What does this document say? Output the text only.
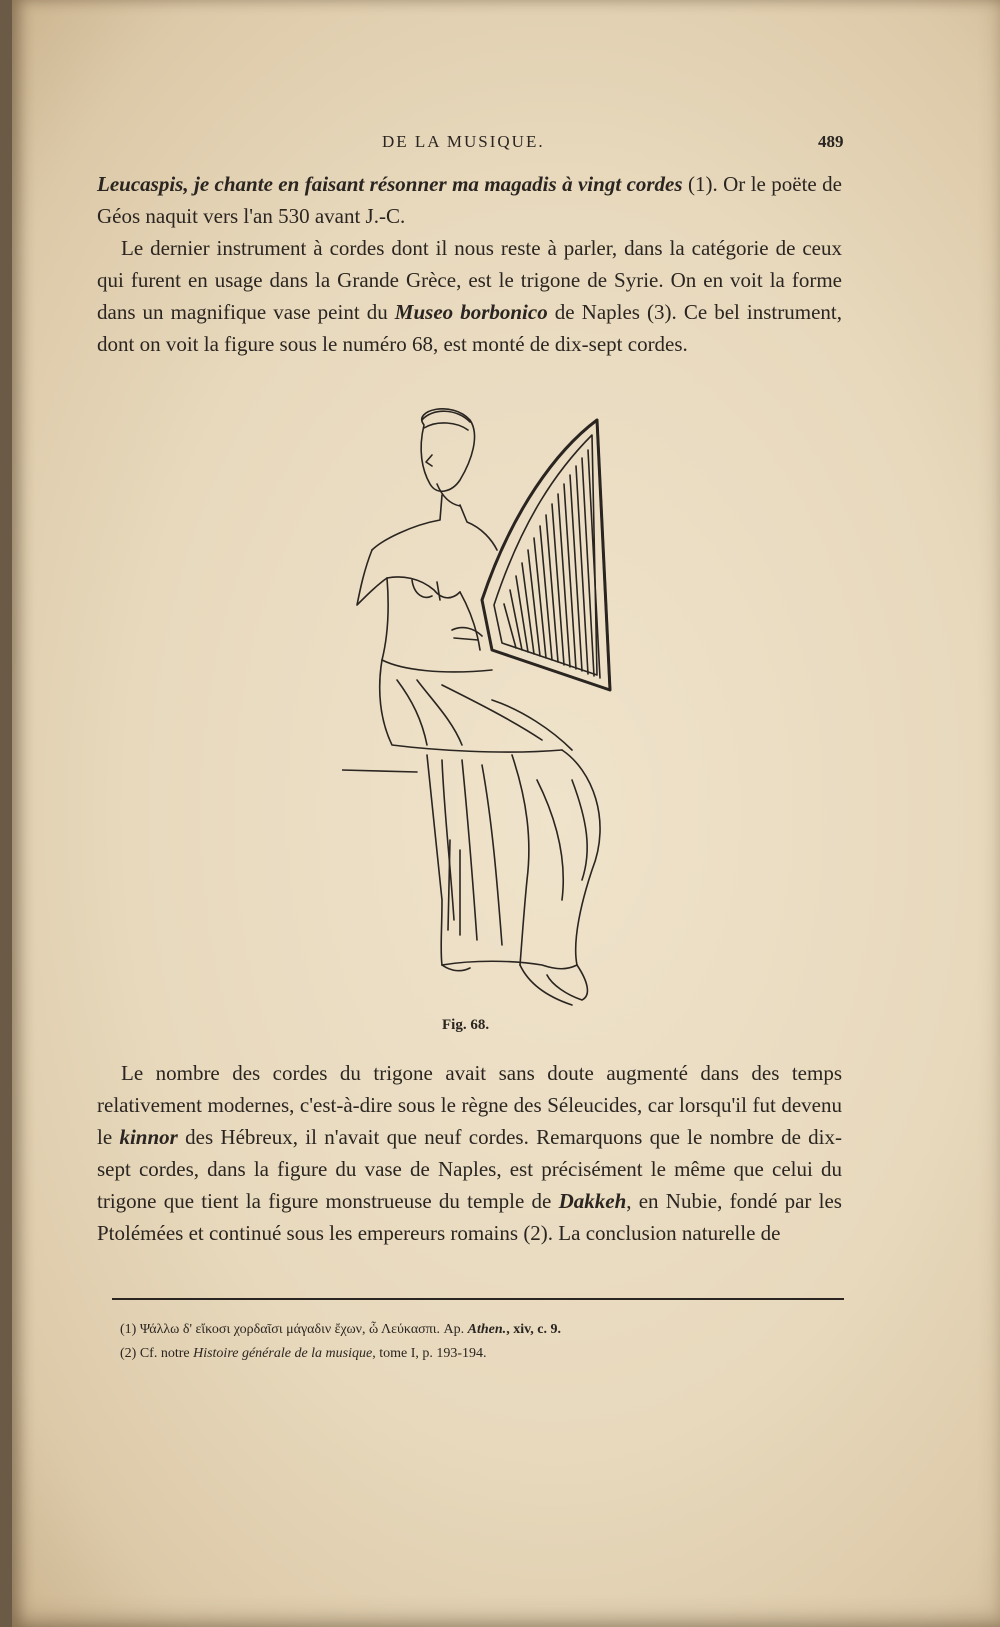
DE LA MUSIQUE.	489

Leucaspis, je chante en faisant résonner ma magadis à vingt cordes (1). Or le poëte de Géos naquit vers l'an 530 avant J.-C.

Le dernier instrument à cordes dont il nous reste à parler, dans la catégorie de ceux qui furent en usage dans la Grande Grèce, est le trigone de Syrie. On en voit la forme dans un magnifique vase peint du Museo borbonico de Naples (3). Ce bel instrument, dont on voit la figure sous le numéro 68, est monté de dix-sept cordes.

Fig. 68.

Le nombre des cordes du trigone avait sans doute augmenté dans des temps relativement modernes, c'est-à-dire sous le règne des Séleucides, car lorsqu'il fut devenu le kinnor des Hébreux, il n'avait que neuf cordes. Remarquons que le nombre de dix-sept cordes, dans la figure du vase de Naples, est précisément le même que celui du trigone que tient la figure monstrueuse du temple de Dakkeh, en Nubie, fondé par les Ptolémées et continué sous les empereurs romains (2). La conclusion naturelle de

(1) Ψάλλω δ' εἴκοσι χορδαῖσι μάγαδιν ἔχων, ὦ Λεύκασπι. Ap. Athen., xiv, c. 9.

(2) Cf. notre Histoire générale de la musique, tome I, p. 193-194.
